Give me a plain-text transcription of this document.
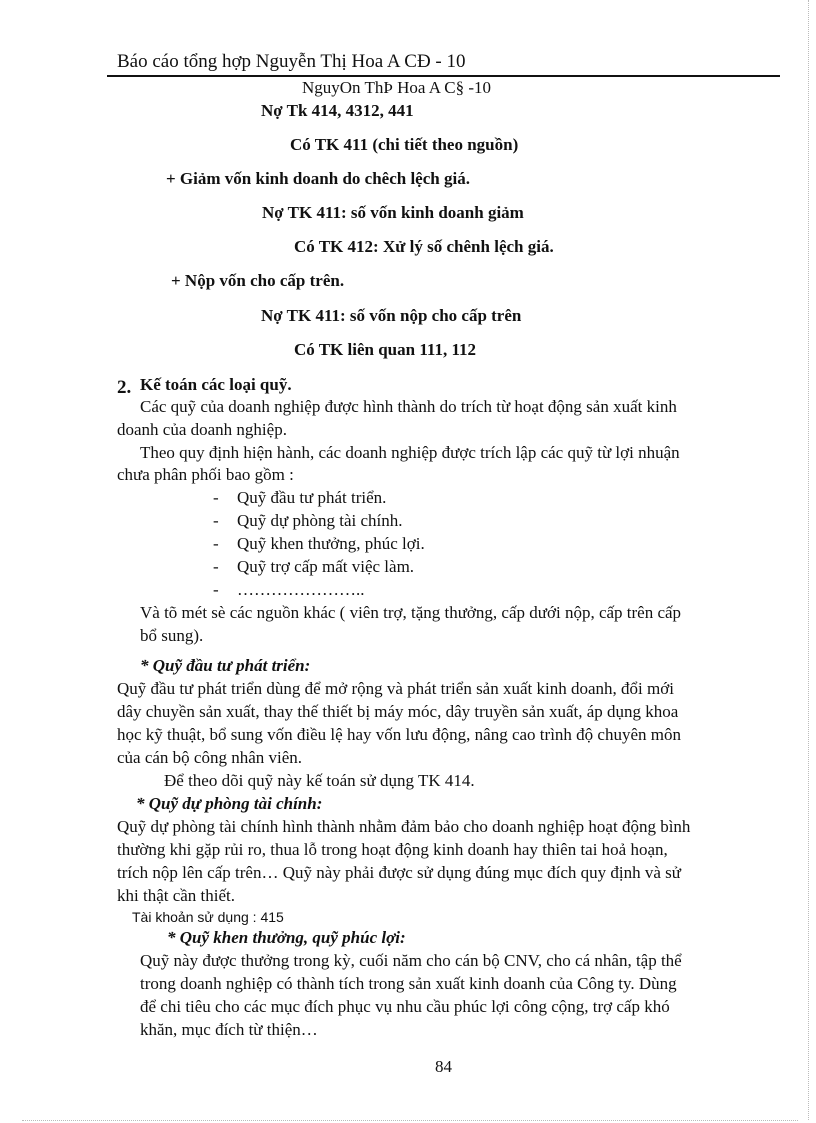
Báo cáo tổng hợp Nguyễn Thị Hoa A CĐ - 10
NguyOn ThÞ Hoa A C§ -10
Nợ Tk 414, 4312, 441
Có TK 411 (chi tiết theo nguồn)
+ Giảm vốn kinh doanh do chêch lệch giá.
Nợ TK 411: số vốn kinh doanh giảm
Có TK 412: Xử lý số chênh lệch giá.
+ Nộp vốn cho cấp trên.
Nợ TK 411: số vốn nộp cho cấp trên
Có TK liên quan 111, 112
2. Kế toán các loại quỹ.
Các quỹ của doanh nghiệp được hình thành do trích từ hoạt động sản xuất kinh
doanh của doanh nghiệp.
Theo quy định hiện hành, các doanh nghiệp được trích lập các quỹ từ lợi nhuận
chưa phân phối bao gồm :
- Quỹ đầu tư phát triển.
- Quỹ dự phòng tài chính.
- Quỹ khen thưởng, phúc lợi.
- Quỹ trợ cấp mất việc làm.
- …………………..
Và tõ mét sè các nguồn khác ( viên trợ, tặng thưởng, cấp dưới nộp, cấp trên cấp
bổ sung).
* Quỹ đầu tư phát triển:
Quỹ đầu tư phát triển dùng để mở rộng và phát triển sản xuất kinh doanh, đổi mới
dây chuyền sản xuất, thay thế thiết bị máy móc, dây truyền sản xuất, áp dụng khoa
học kỹ thuật, bổ sung vốn điều lệ hay vốn lưu động, nâng cao trình độ chuyên môn
của cán bộ công nhân viên.
Để theo dõi quỹ này kế toán sử dụng TK 414.
* Quỹ dự phòng tài chính:
Quỹ dự phòng tài chính hình thành nhằm đảm bảo cho doanh nghiệp hoạt động bình
thường khi gặp rủi ro, thua lỗ trong hoạt động kinh doanh hay thiên tai hoả hoạn,
trích nộp lên cấp trên… Quỹ này phải được sử dụng đúng mục đích quy định và sử
khi thật cần thiết.
Tài khoản sử dụng : 415
* Quỹ khen thưởng, quỹ phúc lợi:
Quỹ này được thưởng trong kỳ, cuối năm cho cán bộ CNV, cho cá nhân, tập thể
trong doanh nghiệp có thành tích trong sản xuất kinh doanh của Công ty. Dùng
để chi tiêu cho các mục đích phục vụ nhu cầu phúc lợi công cộng, trợ cấp khó
khăn, mục đích từ thiện…
84
